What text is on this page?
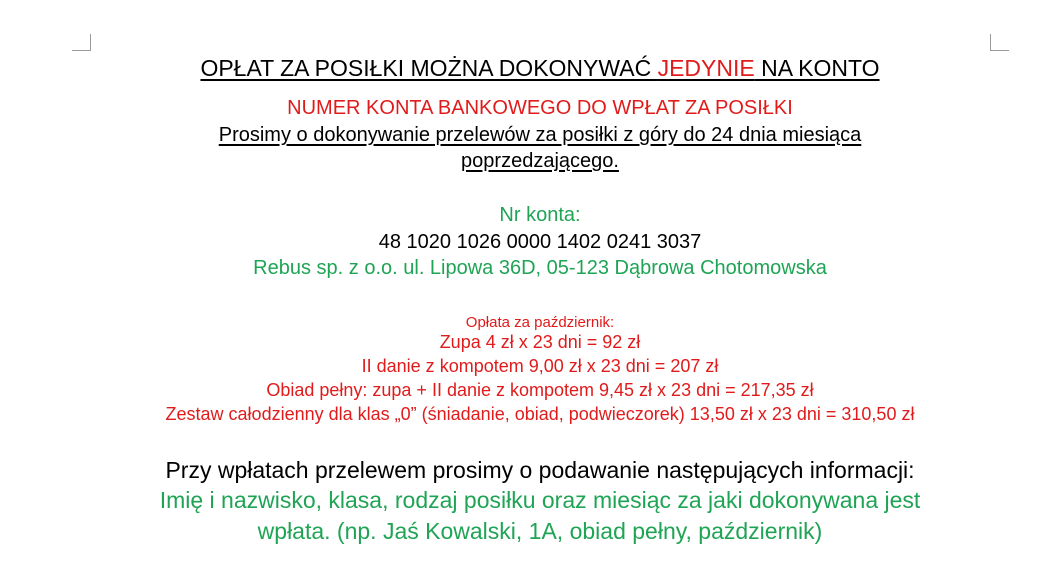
OPŁAT ZA POSIŁKI MOŻNA DOKONYWAĆ JEDYNIE NA KONTO
NUMER KONTA BANKOWEGO DO WPŁAT ZA POSIŁKI
Prosimy o dokonywanie przelewów za posiłki z góry do 24 dnia miesiąca
poprzedzającego.
Nr konta:
48 1020 1026 0000 1402 0241 3037
Rebus sp. z o.o. ul. Lipowa 36D, 05-123 Dąbrowa Chotomowska
Opłata za październik:
Zupa 4 zł x 23 dni = 92 zł
II danie z kompotem 9,00 zł x 23 dni = 207 zł
Obiad pełny: zupa + II danie z kompotem 9,45 zł x 23 dni = 217,35 zł
Zestaw całodzienny dla klas „0” (śniadanie, obiad, podwieczorek) 13,50 zł x 23 dni = 310,50 zł
Przy wpłatach przelewem prosimy o podawanie następujących informacji:
Imię i nazwisko, klasa, rodzaj posiłku oraz miesiąc za jaki dokonywana jest
wpłata. (np. Jaś Kowalski, 1A, obiad pełny, październik)
